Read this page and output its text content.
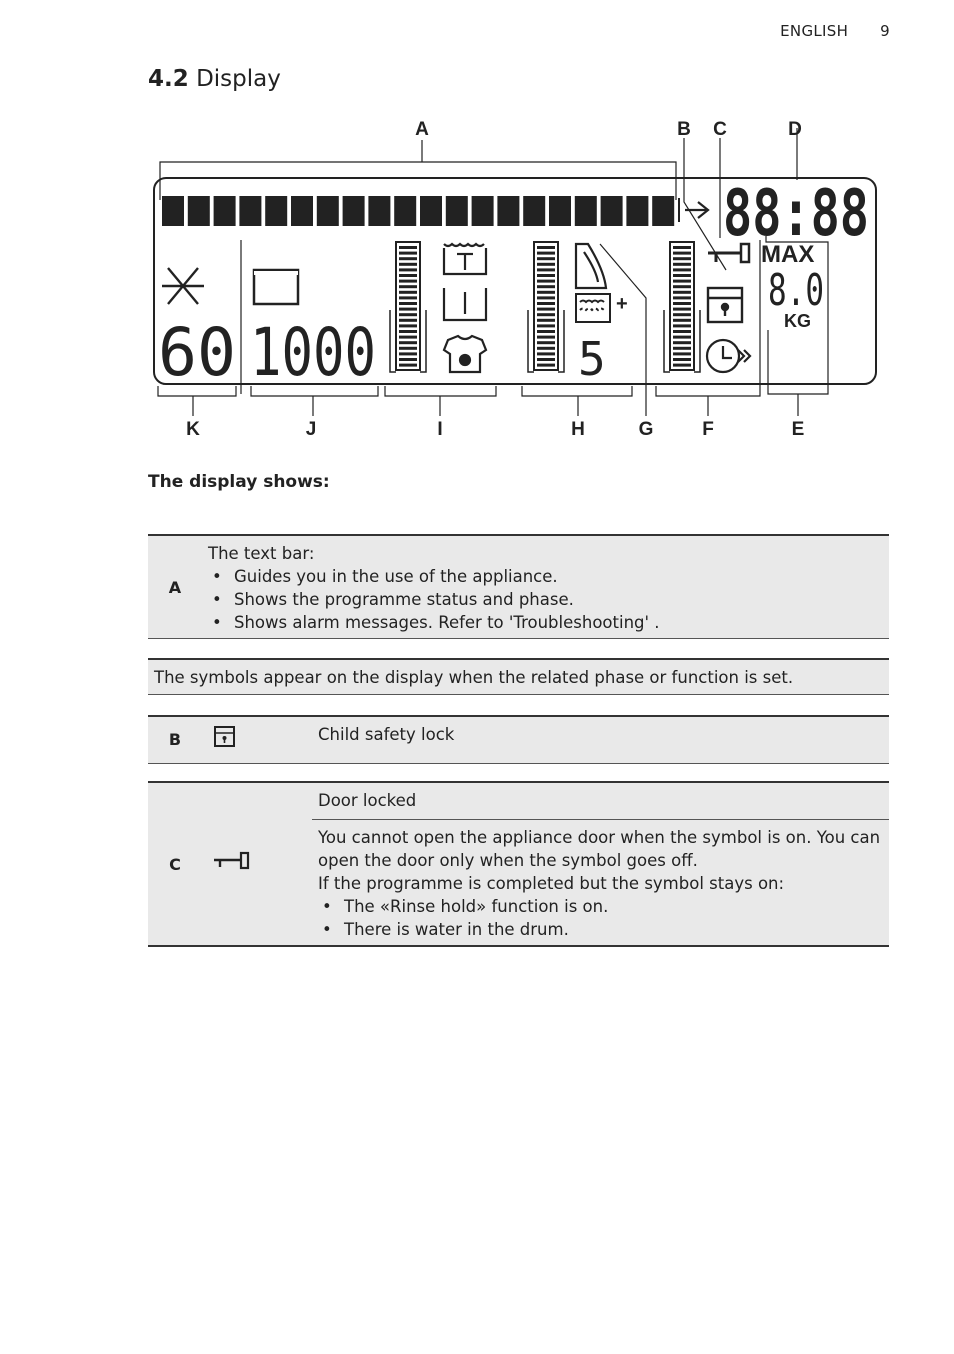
ENGLISH 9
4.2 Display
88:88
MAX
8.0
KG
60 1000
+
5
A	B C	D
K	J	I	H	G	F	E
The display shows:
A	
The text bar:
• Guides you in the use of the appliance.
• Shows the programme status and phase.
• Shows alarm messages. Refer to 'Troubleshooting' .
The symbols appear on the display when the related phase or function is set.
B		Child safety lock
C		Door locked

You cannot open the appliance door when the symbol is on. You can open the door only when the symbol goes off.
If the programme is completed but the symbol stays on:
• The «Rinse hold» function is on.
• There is water in the drum.
